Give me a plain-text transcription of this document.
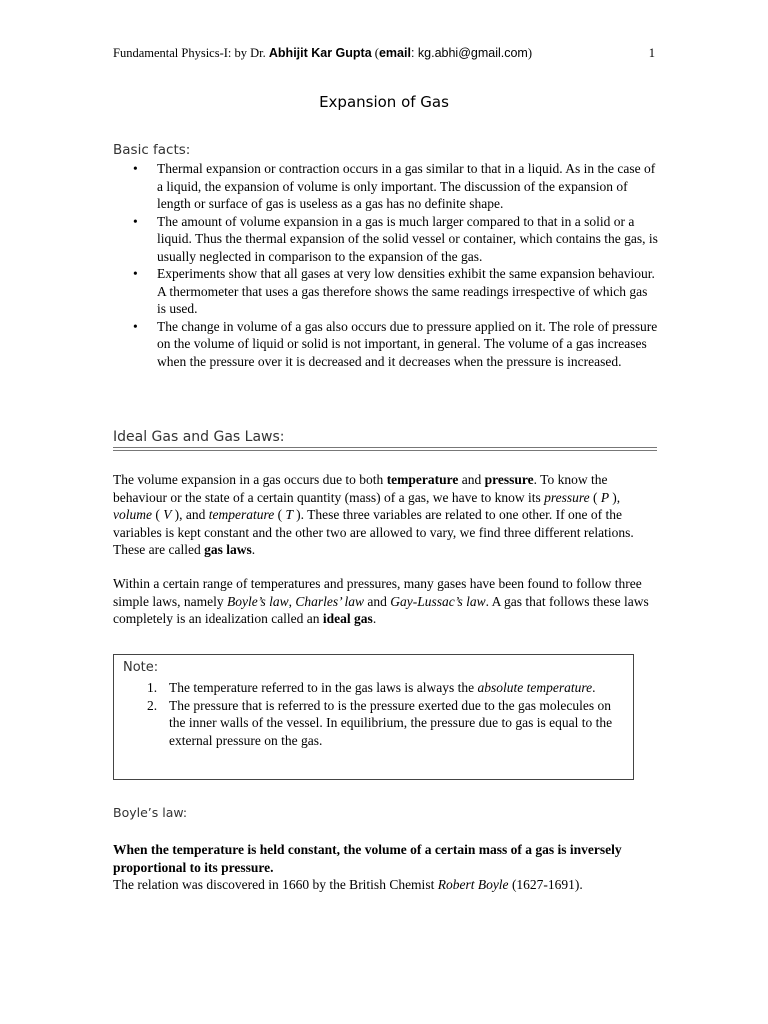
Fundamental Physics-I: by Dr. Abhijit Kar Gupta (email: kg.abhi@gmail.com)	1
Expansion of Gas
Basic facts:
• Thermal expansion or contraction occurs in a gas similar to that in a liquid. As in the case of a liquid, the expansion of volume is only important. The discussion of the expansion of length or surface of gas is useless as a gas has no definite shape.
• The amount of volume expansion in a gas is much larger compared to that in a solid or a liquid. Thus the thermal expansion of the solid vessel or container, which contains the gas, is usually neglected in comparison to the expansion of the gas.
• Experiments show that all gases at very low densities exhibit the same expansion behaviour. A thermometer that uses a gas therefore shows the same readings irrespective of which gas is used.
• The change in volume of a gas also occurs due to pressure applied on it. The role of pressure on the volume of liquid or solid is not important, in general. The volume of a gas increases when the pressure over it is decreased and it decreases when the pressure is increased.
Ideal Gas and Gas Laws:

The volume expansion in a gas occurs due to both temperature and pressure. To know the behaviour or the state of a certain quantity (mass) of a gas, we have to know its pressure ( P ), volume ( V ), and temperature ( T ). These three variables are related to one other. If one of the variables is kept constant and the other two are allowed to vary, we find three different relations. These are called gas laws.

Within a certain range of temperatures and pressures, many gases have been found to follow three simple laws, namely Boyle’s law, Charles’ law and Gay-Lussac’s law. A gas that follows these laws completely is an idealization called an ideal gas.

Note:
1. The temperature referred to in the gas laws is always the absolute temperature.
2. The pressure that is referred to is the pressure exerted due to the gas molecules on the inner walls of the vessel. In equilibrium, the pressure due to gas is equal to the external pressure on the gas.
Boyle’s law:

When the temperature is held constant, the volume of a certain mass of a gas is inversely proportional to its pressure.

The relation was discovered in 1660 by the British Chemist Robert Boyle (1627-1691).
